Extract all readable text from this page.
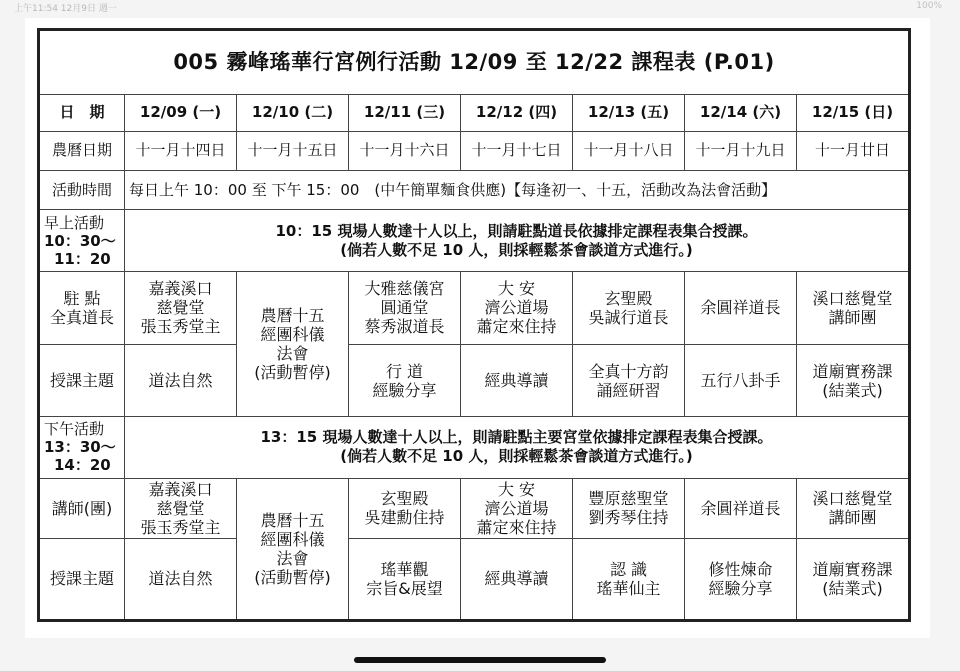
上午11:54 12月9日 週一	100%
005 霧峰瑤華行宮例行活動 12/09 至 12/22 課程表 (P.01)							
日　期	12/09 (一)	12/10 (二)	12/11 (三)	12/12 (四)	12/13 (五)	12/14 (六)	12/15 (日)
農曆日期	十一月十四日	十一月十五日	十一月十六日	十一月十七日	十一月十八日	十一月十九日	十一月廿日
活動時間	每日上午 10：00 至 下午 15：00　(中午簡單麵食供應)【每逢初一、十五，活動改為法會活動】						

早上活動
10：30～
11：20	10：15 現場人數達十人以上，則請駐點道長依據排定課程表集合授課。
(倘若人數不足 10 人，則採輕鬆茶會談道方式進行。)						

駐 點
全真道長	嘉義溪口
慈覺堂
張玉秀堂主	農曆十五
經團科儀
法會
(活動暫停)	大雅慈儀宮
圓通堂
蔡秀淑道長	大 安
濟公道場
蕭定來住持	玄聖殿
吳誠行道長	余圓祥道長	溪口慈覺堂
講師團

授課主題	道法自然		行 道
經驗分享	經典導讀	全真十方韵
誦經研習	五行八卦手	道廟實務課
(結業式)

下午活動
13：30～
14：20	13：15 現場人數達十人以上，則請駐點主要宮堂依據排定課程表集合授課。
(倘若人數不足 10 人，則採輕鬆茶會談道方式進行。)						

講師(團)	嘉義溪口
慈覺堂
張玉秀堂主	農曆十五
經團科儀
法會
(活動暫停)	玄聖殿
吳建勳住持	大 安
濟公道場
蕭定來住持	豐原慈聖堂
劉秀琴住持	余圓祥道長	溪口慈覺堂
講師團

授課主題	道法自然		瑤華觀
宗旨&展望	經典導讀	認 識
瑤華仙主	修性煉命
經驗分享	道廟實務課
(結業式)
